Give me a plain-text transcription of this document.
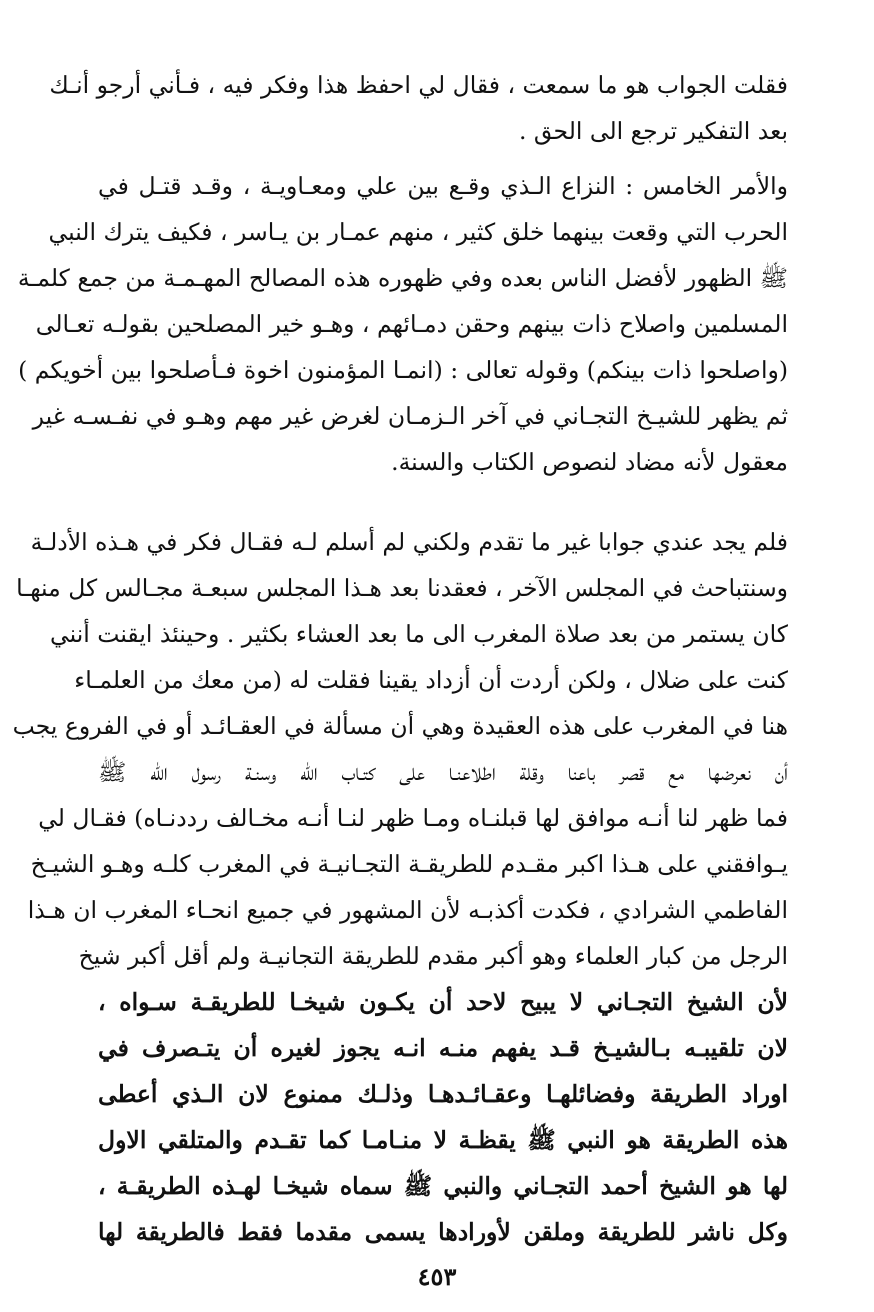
فقلت الجواب هو ما سمعت ، فقال لي احفظ هذا وفكر فيه ، فـأني أرجو أنـك
بعد التفكير ترجع الى الحق .
والأمر الخامس : النزاع الـذي وقـع بين علي ومعـاويـة ، وقـد قتـل في
الحرب التي وقعت بينهما خلق كثير ، منهم عمـار بن يـاسر ، فكيف يترك النبي
ﷺ الظهور لأفضل الناس بعده وفي ظهوره هذه المصالح المهـمـة من جمع كلمـة
المسلمين واصلاح ذات بينهم وحقن دمـائهم ، وهـو خير المصلحين بقولـه تعـالى
(واصلحوا ذات بينكم) وقوله تعالى : (انمـا المؤمنون اخوة فـأصلحوا بين أخويكم )
ثم يظهر للشيـخ التجـاني في آخر الـزمـان لغرض غير مهم وهـو في نفـسـه غير
معقول لأنه مضاد لنصوص الكتاب والسنة.
فلم يجد عندي جوابا غير ما تقدم ولكني لم أسلم لـه فقـال فكر في هـذه الأدلـة
وسنتباحث في المجلس الآخر ، فعقدنا بعد هـذا المجلس سبعـة مجـالس كل منهـا
كان يستمر من بعد صلاة المغرب الى ما بعد العشاء بكثير . وحينئذ ايقنت أنني
كنت على ضلال ، ولكن أردت أن أزداد يقينا فقلت له (من معك من العلمـاء
هنا في المغرب على هذه العقيدة وهي أن مسألة في العقـائـد أو في الفروع يجب
أن نعرضها مع قصر باعنا وقلة اطلاعنـا على كتـاب الله وسنـة رسول الله ﷺ
فما ظهر لنا أنـه موافق لها قبلنـاه ومـا ظهر لنـا أنـه مخـالف رددنـاه) فقـال لي
يـوافقني على هـذا اكبر مقـدم للطريقـة التجـانيـة في المغرب كلـه وهـو الشيـخ
الفاطمي الشرادي ، فكدت أكذبـه لأن المشهور في جميع انحـاء المغرب ان هـذا
الرجل من كبار العلماء وهو أكبر مقدم للطريقة التجانيـة ولم أقل أكبر شيخ
لأن الشيخ التجـاني لا يبيح لاحد أن يكـون شيخـا للطريقـة سـواه ،
لان تلقيبـه بـالشيـخ قـد يفهم منـه انـه يجوز لغيره أن يتـصرف في
اوراد الطريقة وفضائلهـا وعقـائـدهـا وذلـك ممنوع لان الـذي أعطى
هذه الطريقة هو النبي ﷺ يقظـة لا منـامـا كما تقـدم والمتلقي الاول
لها هو الشيخ أحمد التجـاني والنبي ﷺ سماه شيخـا لهـذه الطريقـة ،
وكل ناشر للطريقة وملقن لأورادها يسمى مقدما فقط فالطريقة لها
٤٥٣
